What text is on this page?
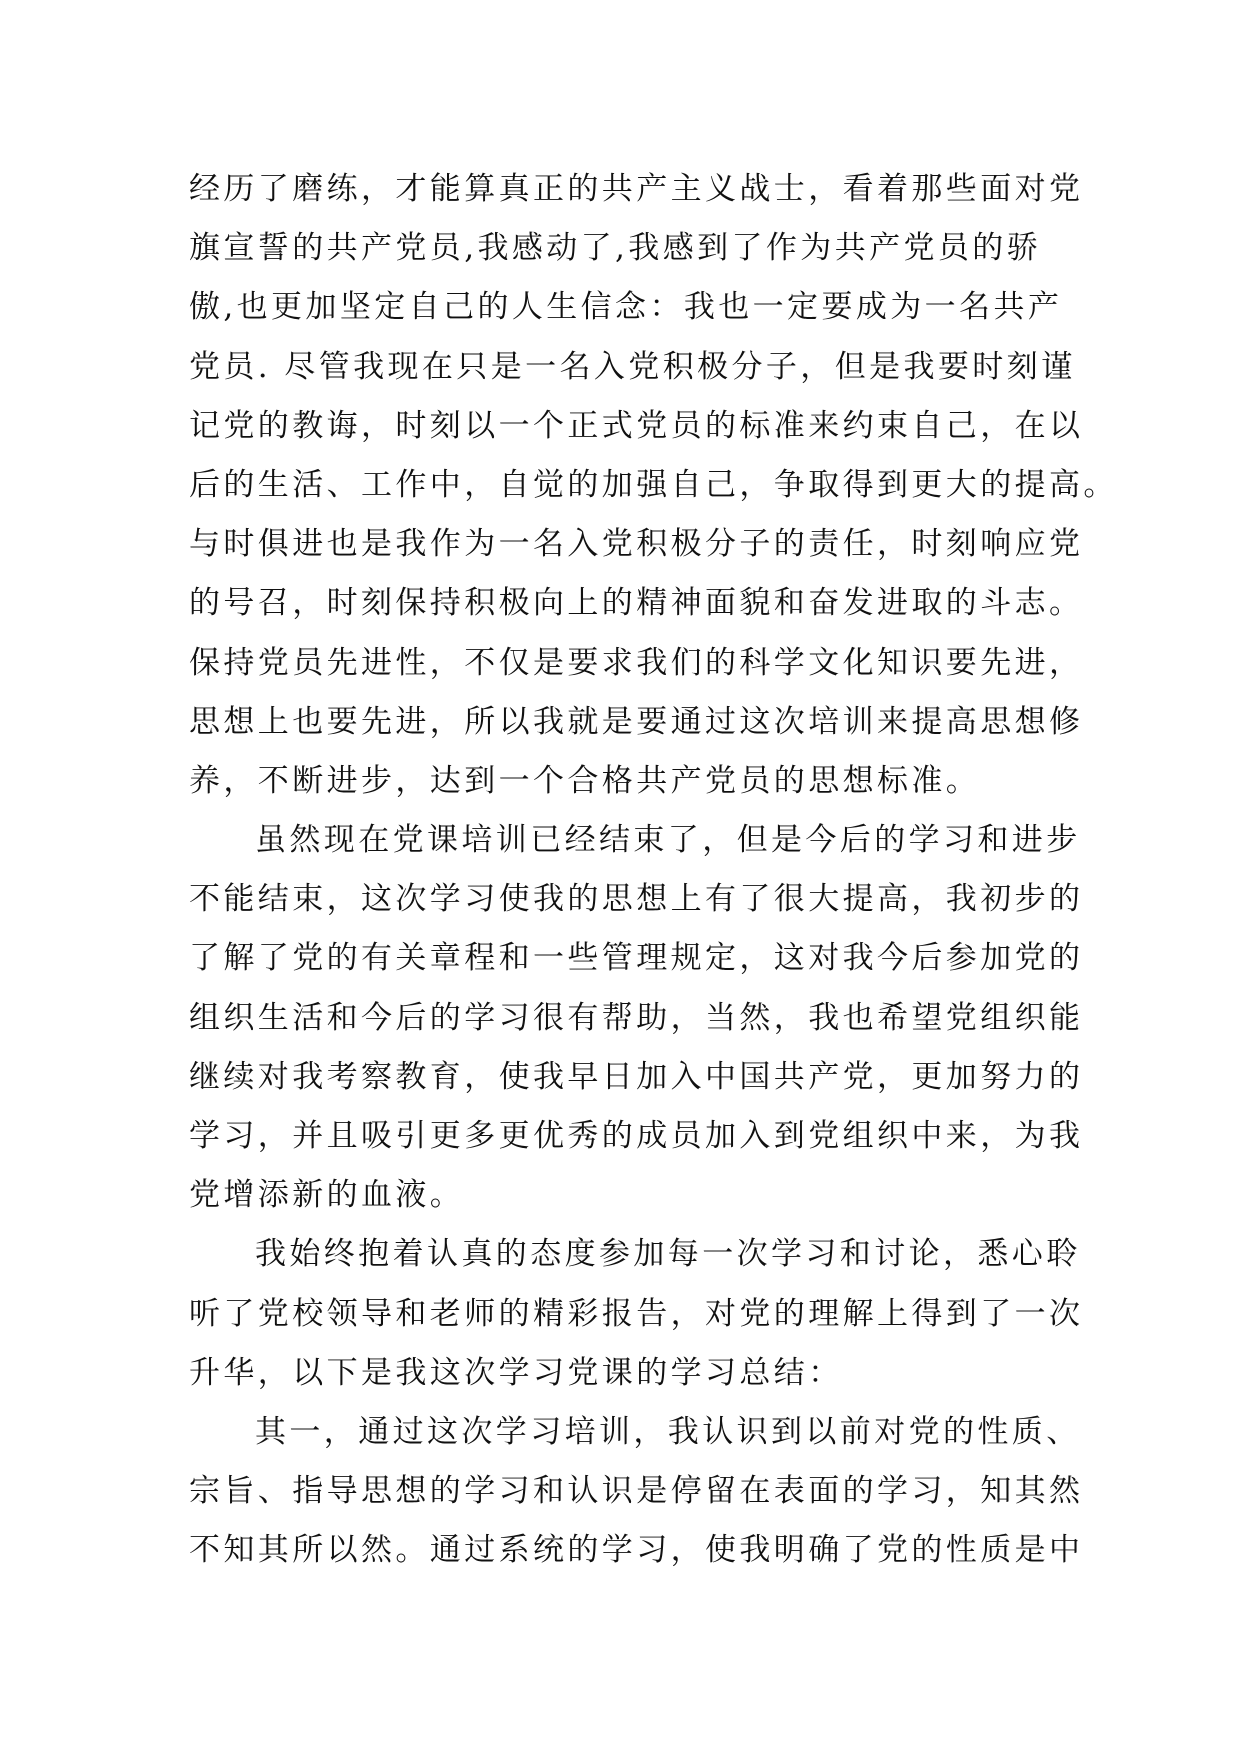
经历了磨练，才能算真正的共产主义战士，看着那些面对党
旗宣誓的共产党员,我感动了,我感到了作为共产党员的骄
傲,也更加坚定自己的人生信念：我也一定要成为一名共产
党员. 尽管我现在只是一名入党积极分子，但是我要时刻谨
记党的教诲，时刻以一个正式党员的标准来约束自己，在以
后的生活、工作中，自觉的加强自己，争取得到更大的提高。
与时俱进也是我作为一名入党积极分子的责任，时刻响应党
的号召，时刻保持积极向上的精神面貌和奋发进取的斗志。
保持党员先进性，不仅是要求我们的科学文化知识要先进，
思想上也要先进，所以我就是要通过这次培训来提高思想修
养，不断进步，达到一个合格共产党员的思想标准。
虽然现在党课培训已经结束了，但是今后的学习和进步
不能结束，这次学习使我的思想上有了很大提高，我初步的
了解了党的有关章程和一些管理规定，这对我今后参加党的
组织生活和今后的学习很有帮助，当然，我也希望党组织能
继续对我考察教育，使我早日加入中国共产党，更加努力的
学习，并且吸引更多更优秀的成员加入到党组织中来，为我
党增添新的血液。
我始终抱着认真的态度参加每一次学习和讨论，悉心聆
听了党校领导和老师的精彩报告，对党的理解上得到了一次
升华，以下是我这次学习党课的学习总结：
其一，通过这次学习培训，我认识到以前对党的性质、
宗旨、指导思想的学习和认识是停留在表面的学习，知其然
不知其所以然。通过系统的学习，使我明确了党的性质是中
